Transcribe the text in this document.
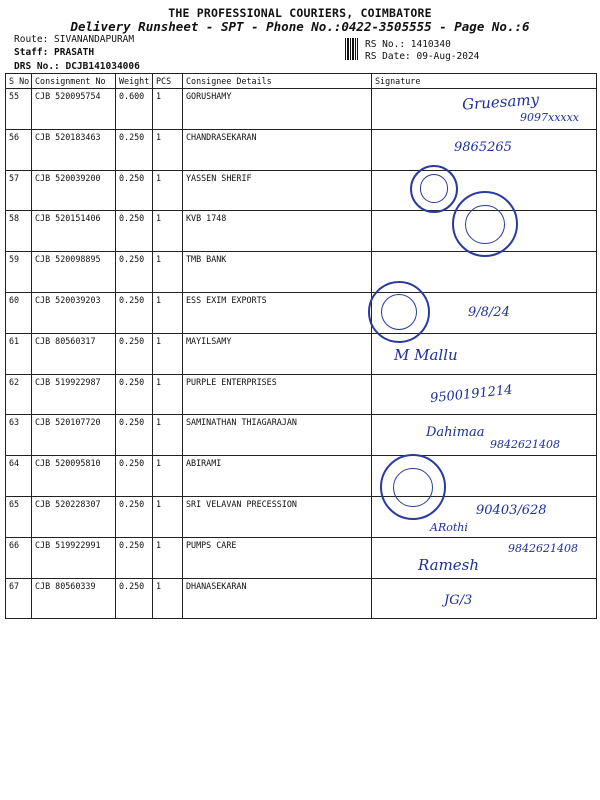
THE PROFESSIONAL COURIERS, COIMBATORE
Delivery Runsheet - SPT - Phone No.:0422-3505555 - Page No.:6
Route: SIVANANDAPURAM
Staff: PRASATH
DRS No.: DCJB141034006
RS No.: 1410340
RS Date: 09-Aug-2024
S No	Consignment No	Weight	PCS	Consignee Details	Signature
55	CJB 520095754	0.600	1	GORUSHAMY	Gruesamy
9097xxxxx

56	CJB 520183463	0.250	1	CHANDRASEKARAN	9865265

57	CJB 520039200	0.250	1	YASSEN SHERIF	

58	CJB 520151406	0.250	1	KVB 1748	

59	CJB 520098895	0.250	1	TMB BANK	
60	CJB 520039203	0.250	1	ESS EXIM EXPORTS	9/8/24

61	CJB 80560317	0.250	1	MAYILSAMY	M Mallu

62	CJB 519922987	0.250	1	PURPLE ENTERPRISES	9500191214

63	CJB 520107720	0.250	1	SAMINATHAN THIAGARAJAN	Dahimaa
9842621408

64	CJB 520095810	0.250	1	ABIRAMI	

65	CJB 520228307	0.250	1	SRI VELAVAN PRECESSION	90403/628
ARothi

66	CJB 519922991	0.250	1	PUMPS CARE	9842621408
Ramesh

67	CJB 80560339	0.250	1	DHANASEKARAN	JG/3
